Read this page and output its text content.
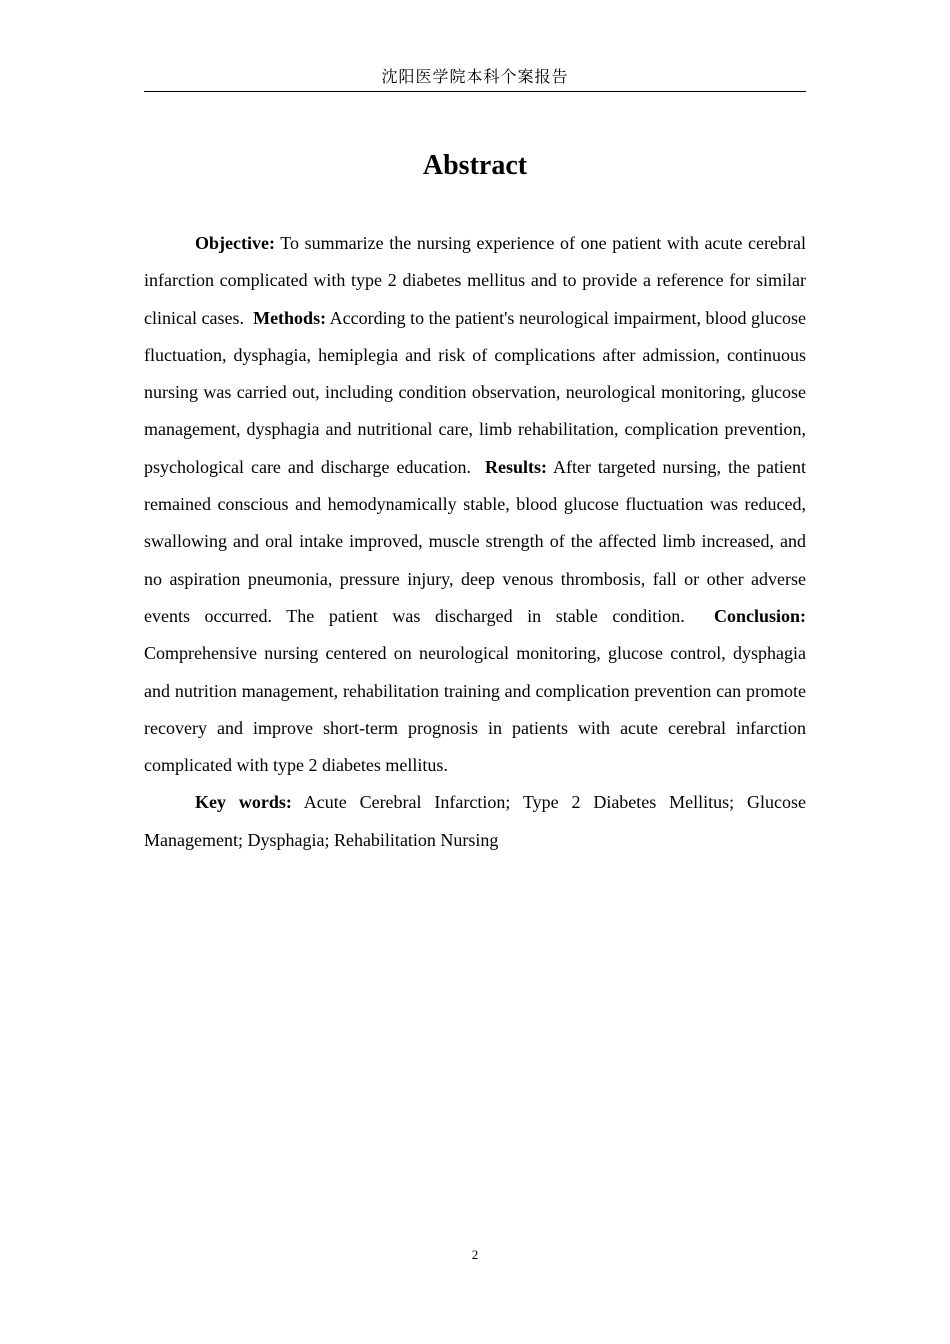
沈阳医学院本科个案报告
Abstract

Objective: To summarize the nursing experience of one patient with acute cerebral infarction complicated with type 2 diabetes mellitus and to provide a reference for similar clinical cases. Methods: According to the patient's neurological impairment, blood glucose fluctuation, dysphagia, hemiplegia and risk of complications after admission, continuous nursing was carried out, including condition observation, neurological monitoring, glucose management, dysphagia and nutritional care, limb rehabilitation, complication prevention, psychological care and discharge education. Results: After targeted nursing, the patient remained conscious and hemodynamically stable, blood glucose fluctuation was reduced, swallowing and oral intake improved, muscle strength of the affected limb increased, and no aspiration pneumonia, pressure injury, deep venous thrombosis, fall or other adverse events occurred. The patient was discharged in stable condition. Conclusion: Comprehensive nursing centered on neurological monitoring, glucose control, dysphagia and nutrition management, rehabilitation training and complication prevention can promote recovery and improve short-term prognosis in patients with acute cerebral infarction complicated with type 2 diabetes mellitus.

Key words: Acute Cerebral Infarction; Type 2 Diabetes Mellitus; Glucose Management; Dysphagia; Rehabilitation Nursing

2
